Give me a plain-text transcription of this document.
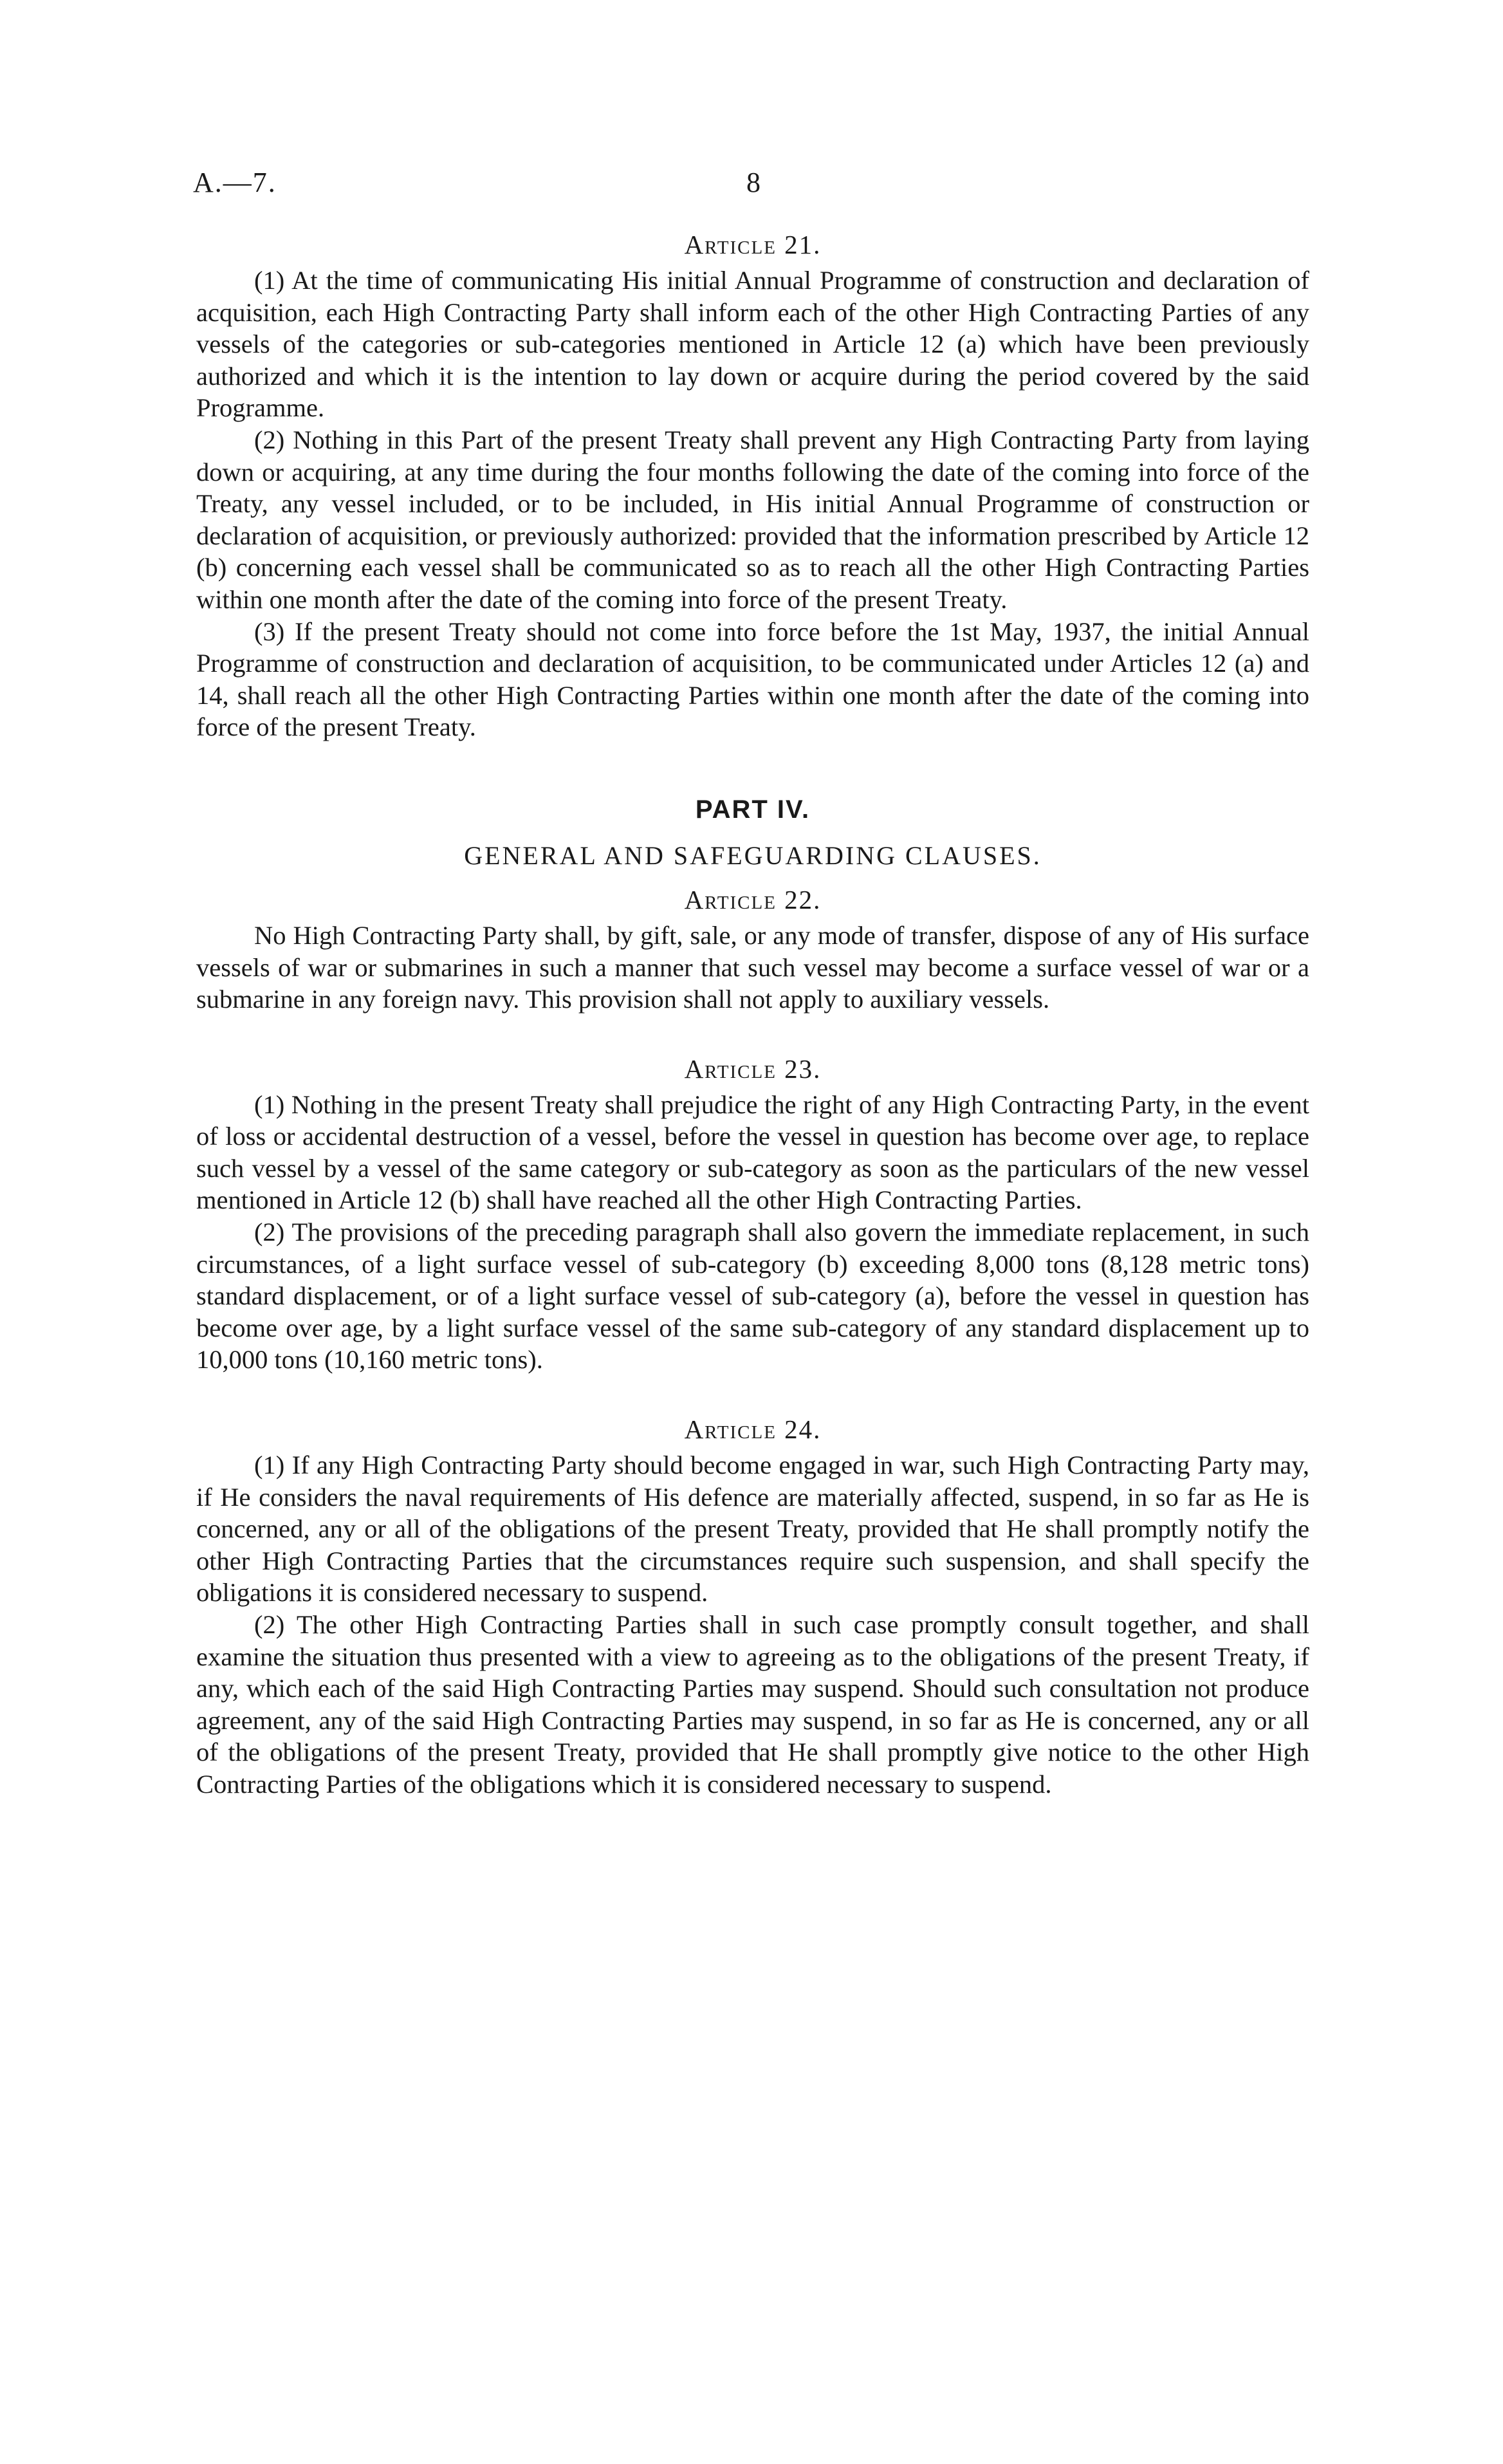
A.—7.	8
Article 21.

(1) At the time of communicating His initial Annual Programme of construction and declaration of acquisition, each High Contracting Party shall inform each of the other High Contracting Parties of any vessels of the categories or sub-categories mentioned in Article 12 (a) which have been previously authorized and which it is the intention to lay down or acquire during the period covered by the said Programme.

(2) Nothing in this Part of the present Treaty shall prevent any High Contracting Party from laying down or acquiring, at any time during the four months following the date of the coming into force of the Treaty, any vessel included, or to be included, in His initial Annual Programme of construction or declaration of acquisition, or previously authorized: provided that the information prescribed by Article 12 (b) concerning each vessel shall be communicated so as to reach all the other High Contracting Parties within one month after the date of the coming into force of the present Treaty.

(3) If the present Treaty should not come into force before the 1st May, 1937, the initial Annual Programme of construction and declaration of acquisition, to be communicated under Articles 12 (a) and 14, shall reach all the other High Contracting Parties within one month after the date of the coming into force of the present Treaty.

PART IV.
GENERAL AND SAFEGUARDING CLAUSES.
Article 22.

No High Contracting Party shall, by gift, sale, or any mode of transfer, dispose of any of His surface vessels of war or submarines in such a manner that such vessel may become a surface vessel of war or a submarine in any foreign navy. This provision shall not apply to auxiliary vessels.

Article 23.

(1) Nothing in the present Treaty shall prejudice the right of any High Contracting Party, in the event of loss or accidental destruction of a vessel, before the vessel in question has become over age, to replace such vessel by a vessel of the same category or sub-category as soon as the particulars of the new vessel mentioned in Article 12 (b) shall have reached all the other High Contracting Parties.

(2) The provisions of the preceding paragraph shall also govern the immediate replacement, in such circumstances, of a light surface vessel of sub-category (b) exceeding 8,000 tons (8,128 metric tons) standard displacement, or of a light surface vessel of sub-category (a), before the vessel in question has become over age, by a light surface vessel of the same sub-category of any standard displacement up to 10,000 tons (10,160 metric tons).

Article 24.

(1) If any High Contracting Party should become engaged in war, such High Contracting Party may, if He considers the naval requirements of His defence are materially affected, suspend, in so far as He is concerned, any or all of the obligations of the present Treaty, provided that He shall promptly notify the other High Contracting Parties that the circumstances require such suspension, and shall specify the obligations it is considered necessary to suspend.

(2) The other High Contracting Parties shall in such case promptly consult together, and shall examine the situation thus presented with a view to agreeing as to the obligations of the present Treaty, if any, which each of the said High Contracting Parties may suspend. Should such consultation not produce agreement, any of the said High Contracting Parties may suspend, in so far as He is concerned, any or all of the obligations of the present Treaty, provided that He shall promptly give notice to the other High Contracting Parties of the obligations which it is considered necessary to suspend.
